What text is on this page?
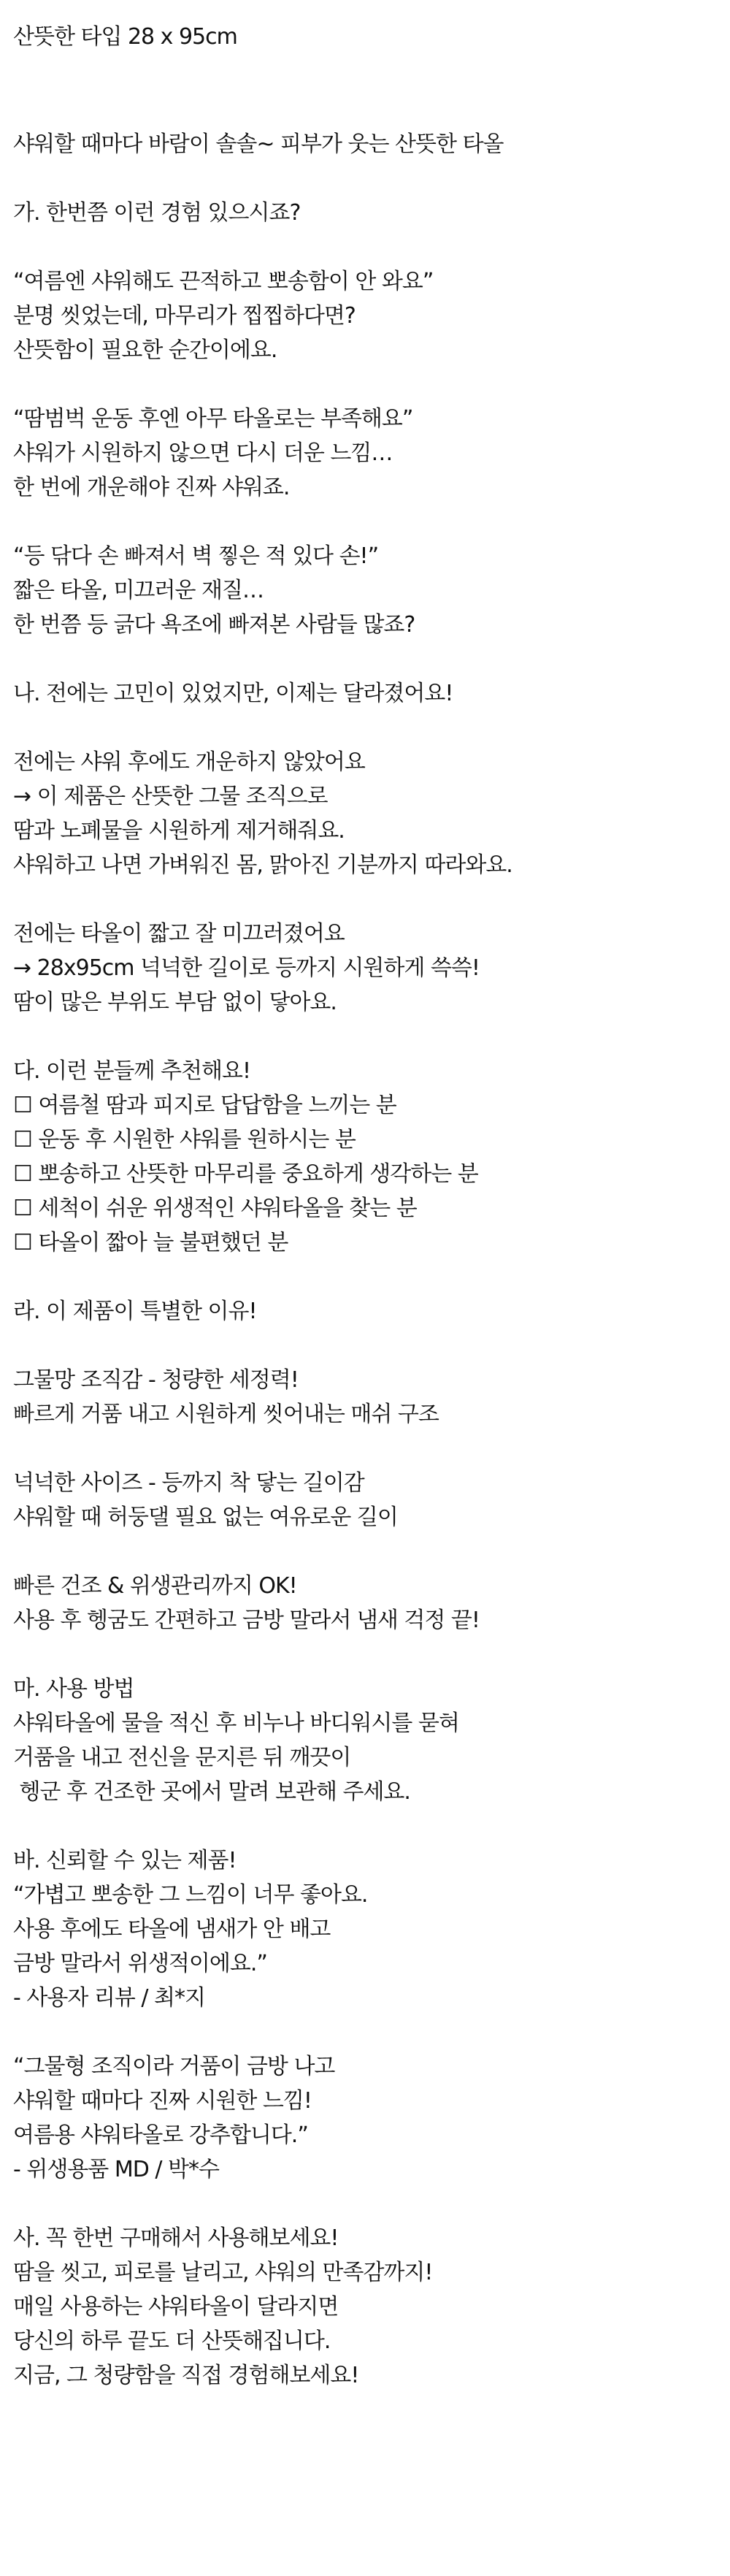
산뜻한 타입 28 x 95cm
샤워할 때마다 바람이 솔솔~ 피부가 웃는 산뜻한 타올
가. 한번쯤 이런 경험 있으시죠?
“여름엔 샤워해도 끈적하고 뽀송함이 안 와요”
분명 씻었는데, 마무리가 찝찝하다면?
산뜻함이 필요한 순간이에요.
“땀범벅 운동 후엔 아무 타올로는 부족해요”
샤워가 시원하지 않으면 다시 더운 느낌…
한 번에 개운해야 진짜 샤워죠.
“등 닦다 손 빠져서 벽 찧은 적 있다 손!”
짧은 타올, 미끄러운 재질…
한 번쯤 등 긁다 욕조에 빠져본 사람들 많죠?
나. 전에는 고민이 있었지만, 이제는 달라졌어요!
전에는 샤워 후에도 개운하지 않았어요
→ 이 제품은 산뜻한 그물 조직으로
땀과 노폐물을 시원하게 제거해줘요.
샤워하고 나면 가벼워진 몸, 맑아진 기분까지 따라와요.
전에는 타올이 짧고 잘 미끄러졌어요
→ 28x95cm 넉넉한 길이로 등까지 시원하게 쓱쓱!
땀이 많은 부위도 부담 없이 닿아요.
다. 이런 분들께 추천해요!
☐ 여름철 땀과 피지로 답답함을 느끼는 분
☐ 운동 후 시원한 샤워를 원하시는 분
☐ 뽀송하고 산뜻한 마무리를 중요하게 생각하는 분
☐ 세척이 쉬운 위생적인 샤워타올을 찾는 분
☐ 타올이 짧아 늘 불편했던 분
라. 이 제품이 특별한 이유!
그물망 조직감 - 청량한 세정력!
빠르게 거품 내고 시원하게 씻어내는 매쉬 구조
넉넉한 사이즈 - 등까지 착 닿는 길이감
샤워할 때 허둥댈 필요 없는 여유로운 길이
빠른 건조 & 위생관리까지 OK!
사용 후 헹굼도 간편하고 금방 말라서 냄새 걱정 끝!
마. 사용 방법
샤워타올에 물을 적신 후 비누나 바디워시를 묻혀
거품을 내고 전신을 문지른 뒤 깨끗이
헹군 후 건조한 곳에서 말려 보관해 주세요.
바. 신뢰할 수 있는 제품!
“가볍고 뽀송한 그 느낌이 너무 좋아요.
사용 후에도 타올에 냄새가 안 배고
금방 말라서 위생적이에요.”
- 사용자 리뷰 / 최*지
“그물형 조직이라 거품이 금방 나고
샤워할 때마다 진짜 시원한 느낌!
여름용 샤워타올로 강추합니다.”
- 위생용품 MD / 박*수
사. 꼭 한번 구매해서 사용해보세요!
땀을 씻고, 피로를 날리고, 샤워의 만족감까지!
매일 사용하는 샤워타올이 달라지면
당신의 하루 끝도 더 산뜻해집니다.
지금, 그 청량함을 직접 경험해보세요!
